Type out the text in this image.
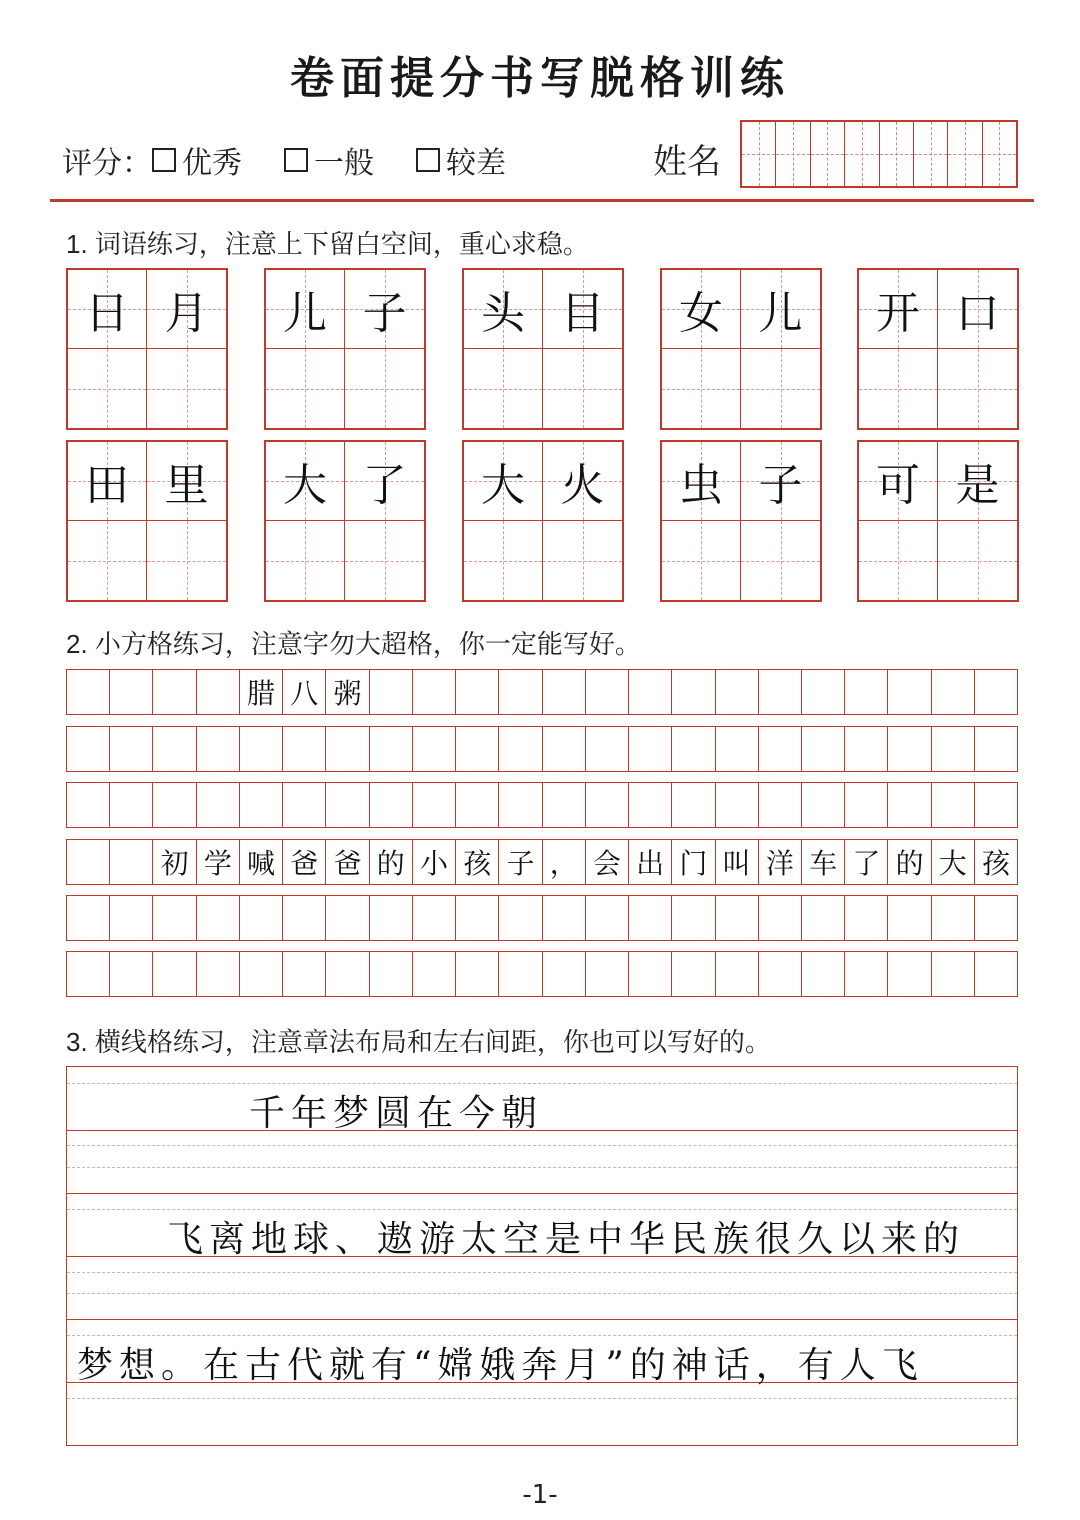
卷面提分书写脱格训练
评分： 优秀 一般 较差	姓名
1. 词语练习，注意上下留白空间，重心求稳。
日 月 儿 子 头 目 女 儿 开 口
田 里 大 了 大 火 虫 子 可 是
2. 小方格练习，注意字勿大超格，你一定能写好。
腊 八 粥
初 学 喊 爸 爸 的 小 孩 子 ， 会 出 门 叫 洋 车 了 的 大 孩
3. 横线格练习，注意章法布局和左右间距，你也可以写好的。
千年梦圆在今朝
飞离地球、遨游太空是中华民族很久以来的
梦想。在古代就有“嫦娥奔月”的神话，有人飞
-1-
